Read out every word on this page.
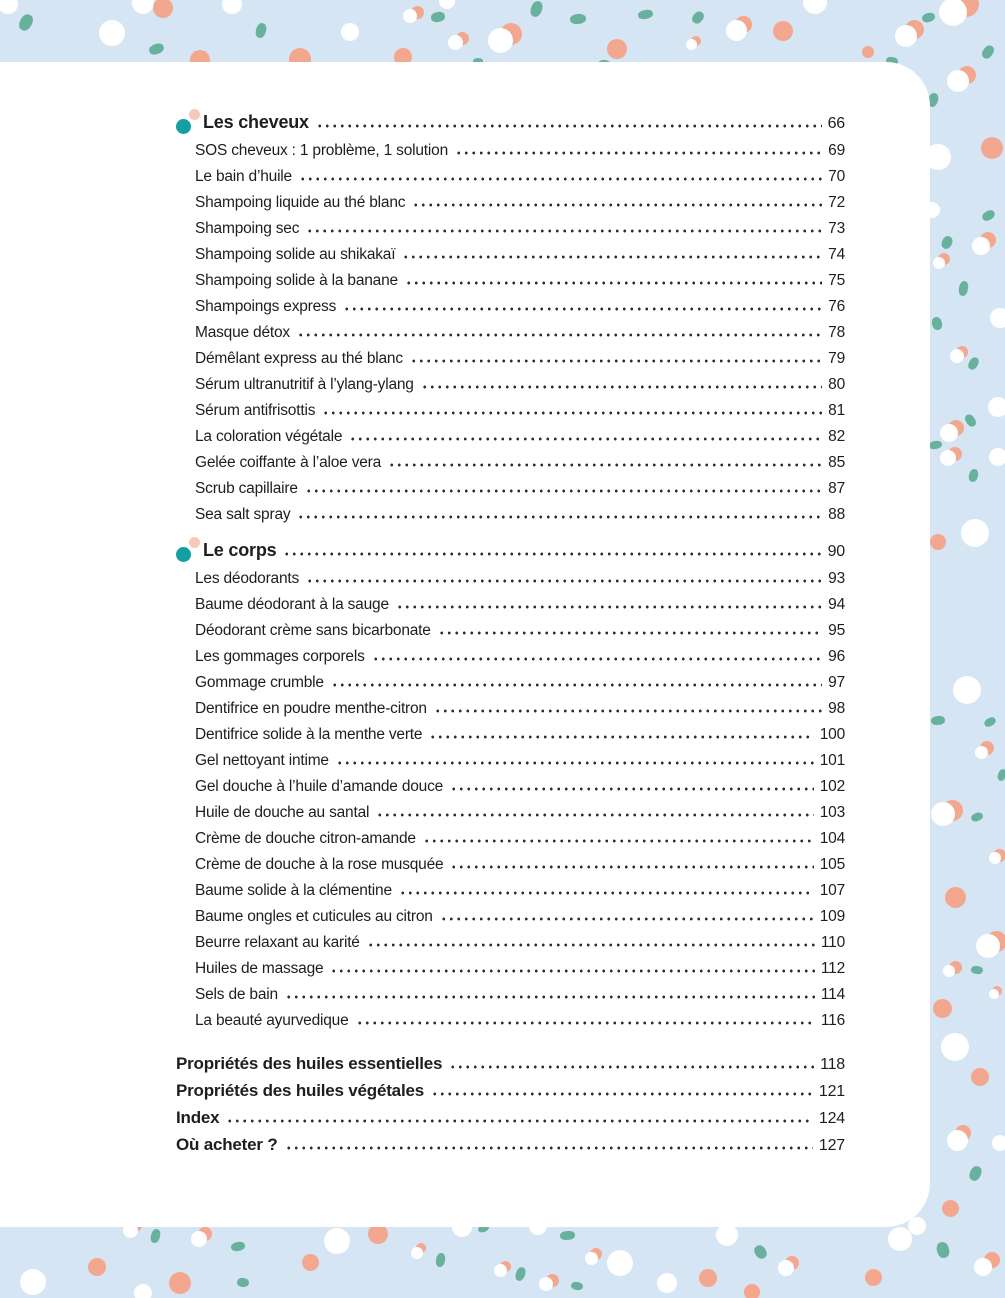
Les cheveux	66
SOS cheveux : 1 problème, 1 solution	69
Le bain d’huile	70
Shampoing liquide au thé blanc	72
Shampoing sec	73
Shampoing solide au shikakaï	74
Shampoing solide à la banane	75
Shampoings express	76
Masque détox	78
Démêlant express au thé blanc	79
Sérum ultranutritif à l’ylang-ylang	80
Sérum antifrisottis	81
La coloration végétale	82
Gelée coiffante à l’aloe vera	85
Scrub capillaire	87
Sea salt spray	88
Le corps	90
Les déodorants	93
Baume déodorant à la sauge	94
Déodorant crème sans bicarbonate	95
Les gommages corporels	96
Gommage crumble	97
Dentifrice en poudre menthe-citron	98
Dentifrice solide à la menthe verte	100
Gel nettoyant intime	101
Gel douche à l’huile d’amande douce	102
Huile de douche au santal	103
Crème de douche citron-amande	104
Crème de douche à la rose musquée	105
Baume solide à la clémentine	107
Baume ongles et cuticules au citron	109
Beurre relaxant au karité	110
Huiles de massage	112
Sels de bain	114
La beauté ayurvedique	116
Propriétés des huiles essentielles	118
Propriétés des huiles végétales	121
Index	124
Où acheter ?	127
